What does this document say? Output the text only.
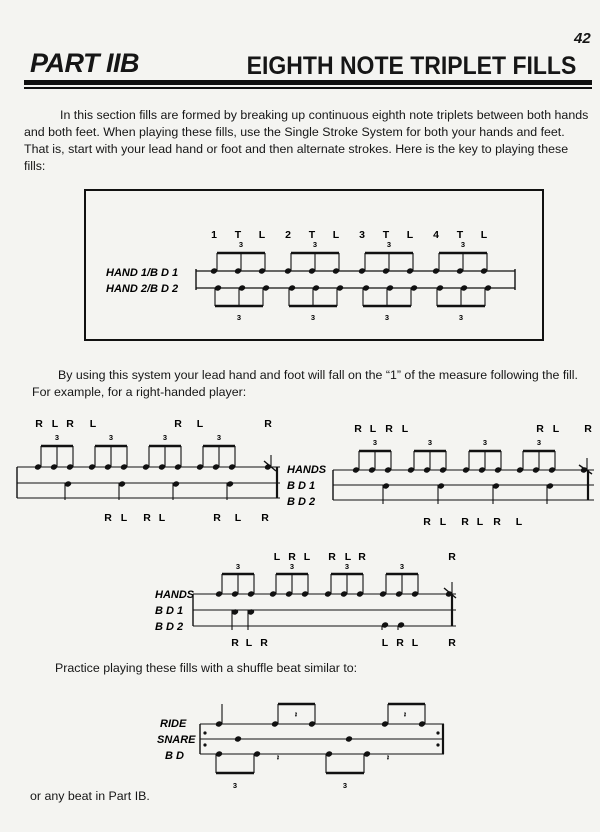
42
PART IIB	EIGHTH NOTE TRIPLET FILLS
In this section fills are formed by breaking up continuous eighth note triplets between both hands and both feet. When playing these fills, use the Single Stroke System for both your hands and feet. That is, start with your lead hand or foot and then alternate strokes. Here is the key to playing these fills:
By using this system your lead hand and foot will fall on the “1” of the measure following the fill. For example, for a right-handed player:
Practice playing these fills with a shuffle beat similar to:
or any beat in Part IB.
HAND 1/B D 1
HAND 2/B D 2
1 T L
3
3
2 T L
3
3
3 T L
3
3
4 T L
3
3
R L R L	R L	R
R L R L	R L R
3	3	3	3
HANDS
B D 1
B D 2
R L R L	R L R
R L R L R L
3	3	3	3
HANDS
B D 1
B D 2
L R L R L R	R
R L R	L R L	R
3	3	3	3
RIDE
SNARE
B D
𝄽	𝄽
3	3
𝄽	𝄽
